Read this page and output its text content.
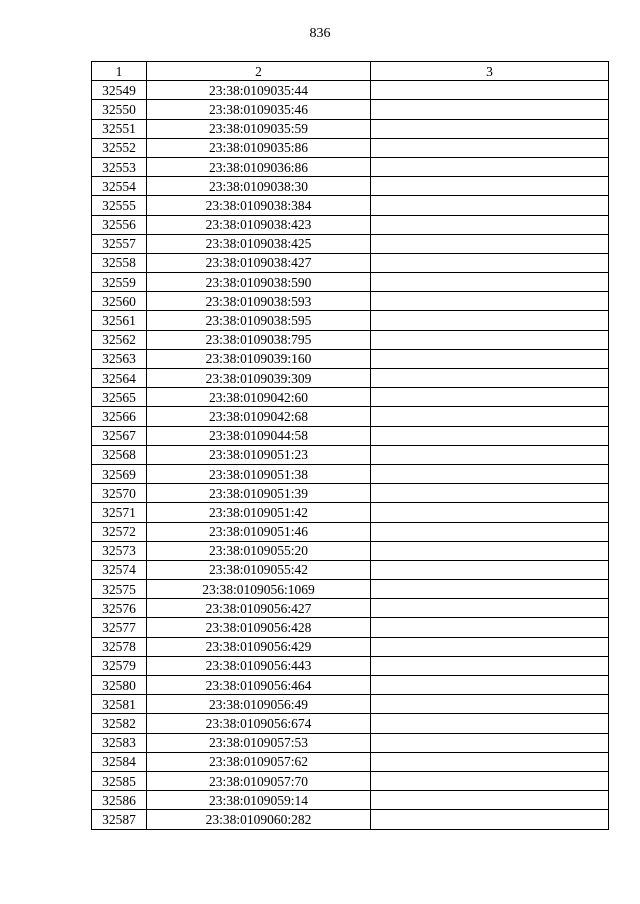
836
1	2	3
32549	23:38:0109035:44	
32550	23:38:0109035:46	
32551	23:38:0109035:59	
32552	23:38:0109035:86	
32553	23:38:0109036:86	
32554	23:38:0109038:30	
32555	23:38:0109038:384	
32556	23:38:0109038:423	
32557	23:38:0109038:425	
32558	23:38:0109038:427	
32559	23:38:0109038:590	
32560	23:38:0109038:593	
32561	23:38:0109038:595	
32562	23:38:0109038:795	
32563	23:38:0109039:160	
32564	23:38:0109039:309	
32565	23:38:0109042:60	
32566	23:38:0109042:68	
32567	23:38:0109044:58	
32568	23:38:0109051:23	
32569	23:38:0109051:38	
32570	23:38:0109051:39	
32571	23:38:0109051:42	
32572	23:38:0109051:46	
32573	23:38:0109055:20	
32574	23:38:0109055:42	
32575	23:38:0109056:1069	
32576	23:38:0109056:427	
32577	23:38:0109056:428	
32578	23:38:0109056:429	
32579	23:38:0109056:443	
32580	23:38:0109056:464	
32581	23:38:0109056:49	
32582	23:38:0109056:674	
32583	23:38:0109057:53	
32584	23:38:0109057:62	
32585	23:38:0109057:70	
32586	23:38:0109059:14	
32587	23:38:0109060:282	
